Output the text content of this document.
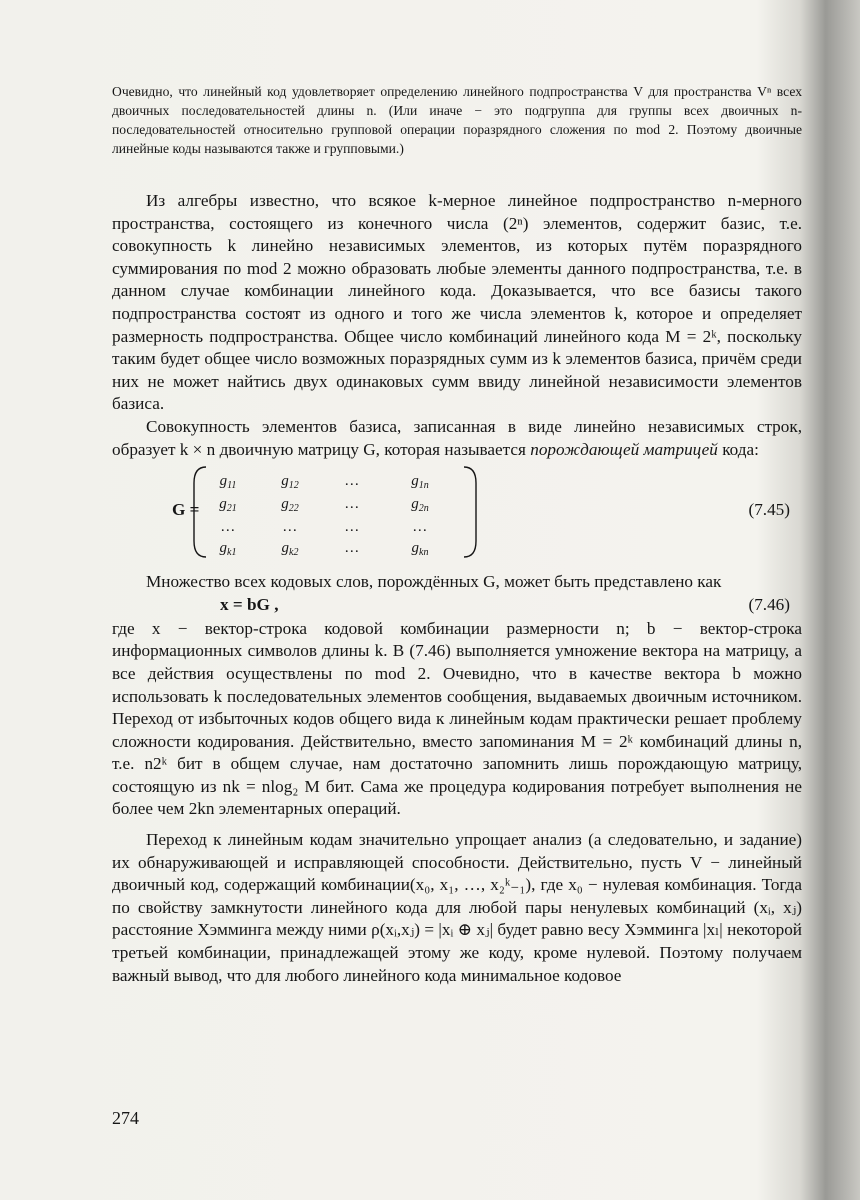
Очевидно, что линейный код удовлетворяет определению линейного подпространства V для пространства Vⁿ всех двоичных последовательностей длины n. (Или иначе − это подгруппа для группы всех двоичных n-последовательностей относительно групповой операции поразрядного сложения по mod 2. Поэтому двоичные линейные коды называются также и групповыми.)

Из алгебры известно, что всякое k-мерное линейное подпространство n-мерного пространства, состоящего из конечного числа (2ⁿ) элементов, содержит базис, т.е. совокупность k линейно независимых элементов, из которых путём поразрядного суммирования по mod 2 можно образовать любые элементы данного подпространства, т.е. в данном случае комбинации линейного кода. Доказывается, что все базисы такого подпространства состоят из одного и того же числа элементов k, которое и определяет размерность подпространства. Общее число комбинаций линейного кода M = 2ᵏ, поскольку таким будет общее число возможных поразрядных сумм из k элементов базиса, причём среди них не может найтись двух одинаковых сумм ввиду линейной независимости элементов базиса.

Совокупность элементов базиса, записанная в виде линейно независимых строк, образует k × n двоичную матрицу G, которая называется порождающей матрицей кода:

G =
$g_{11}$	$g_{12}$	…	$g_{1n}$
$g_{21}$	$g_{22}$	…	$g_{2n}$
…	…	…	…
$g_{k1}$	$g_{k2}$	…	$g_{kn}$
(7.45)

Множество всех кодовых слов, порождённых G, может быть представлено как

x = bG ,	(7.46)

где x − вектор-строка кодовой комбинации размерности n; b − вектор-строка информационных символов длины k. В (7.46) выполняется умножение вектора на матрицу, а все действия осуществлены по mod 2. Очевидно, что в качестве вектора b можно использовать k последовательных элементов сообщения, выдаваемых двоичным источником. Переход от избыточных кодов общего вида к линейным кодам практически решает проблему сложности кодирования. Действительно, вместо запоминания M = 2ᵏ комбинаций длины n, т.е. n2ᵏ бит в общем случае, нам достаточно запомнить лишь порождающую матрицу, состоящую из nk = nlog₂ M бит. Сама же процедура кодирования потребует выполнения не более чем 2kn элементарных операций.

Переход к линейным кодам значительно упрощает анализ (а следовательно, и задание) их обнаруживающей и исправляющей способности. Действительно, пусть V − линейный двоичный код, содержащий комбинации(x₀, x₁, …, x₂ᵏ₋₁), где x₀ − нулевая комбинация. Тогда по свойству замкнутости линейного кода для любой пары ненулевых комбинаций (xᵢ, xⱼ) расстояние Хэмминга между ними ρ(xᵢ,xⱼ) = |xᵢ ⊕ xⱼ| будет равно весу Хэмминга |xₗ| некоторой третьей комбинации, принадлежащей этому же коду, кроме нулевой. Поэтому получаем важный вывод, что для любого линейного кода минимальное кодовое

274
